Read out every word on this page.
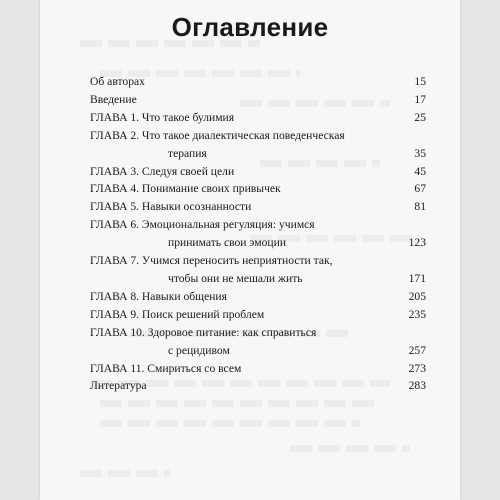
Оглавление
Об авторах	15
Введение	17
ГЛАВА 1. Что такое булимия	25
ГЛАВА 2. Что такое диалектическая поведенческая
терапия	35
ГЛАВА 3. Следуя своей цели	45
ГЛАВА 4. Понимание своих привычек	67
ГЛАВА 5. Навыки осознанности	81
ГЛАВА 6. Эмоциональная регуляция: учимся
принимать свои эмоции	123
ГЛАВА 7. Учимся переносить неприятности так,
чтобы они не мешали жить	171
ГЛАВА 8. Навыки общения	205
ГЛАВА 9. Поиск решений проблем	235
ГЛАВА 10. Здоровое питание: как справиться
с рецидивом	257
ГЛАВА 11. Смириться со всем	273
Литература	283
